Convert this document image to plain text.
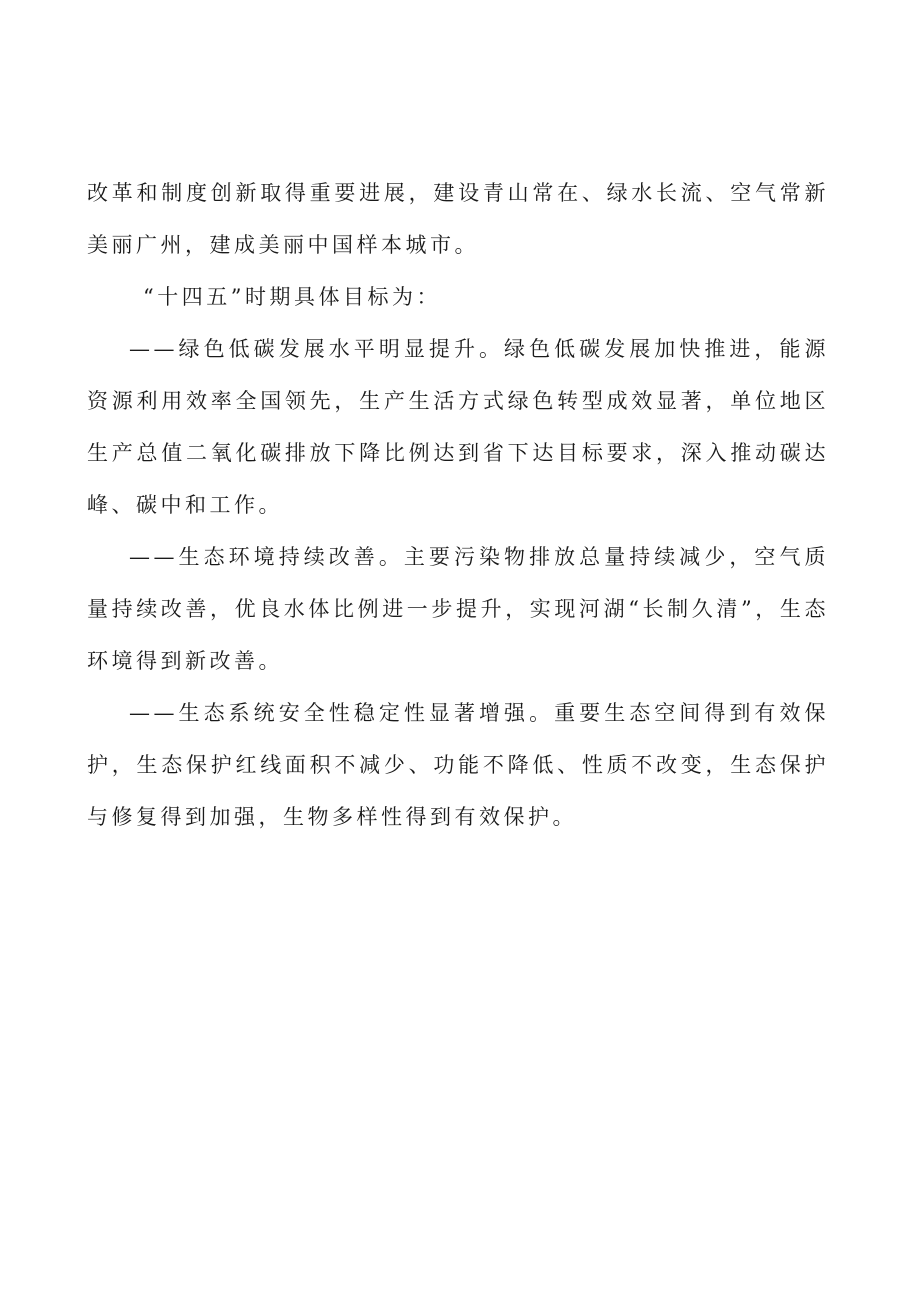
改革和制度创新取得重要进展，建设青山常在、绿水长流、空气常新美丽广州，建成美丽中国样本城市。

“十四五”时期具体目标为：

——绿色低碳发展水平明显提升。绿色低碳发展加快推进，能源资源利用效率全国领先，生产生活方式绿色转型成效显著，单位地区生产总值二氧化碳排放下降比例达到省下达目标要求，深入推动碳达峰、碳中和工作。

——生态环境持续改善。主要污染物排放总量持续减少，空气质量持续改善，优良水体比例进一步提升，实现河湖“长制久清”，生态环境得到新改善。

——生态系统安全性稳定性显著增强。重要生态空间得到有效保护，生态保护红线面积不减少、功能不降低、性质不改变，生态保护与修复得到加强，生物多样性得到有效保护。
